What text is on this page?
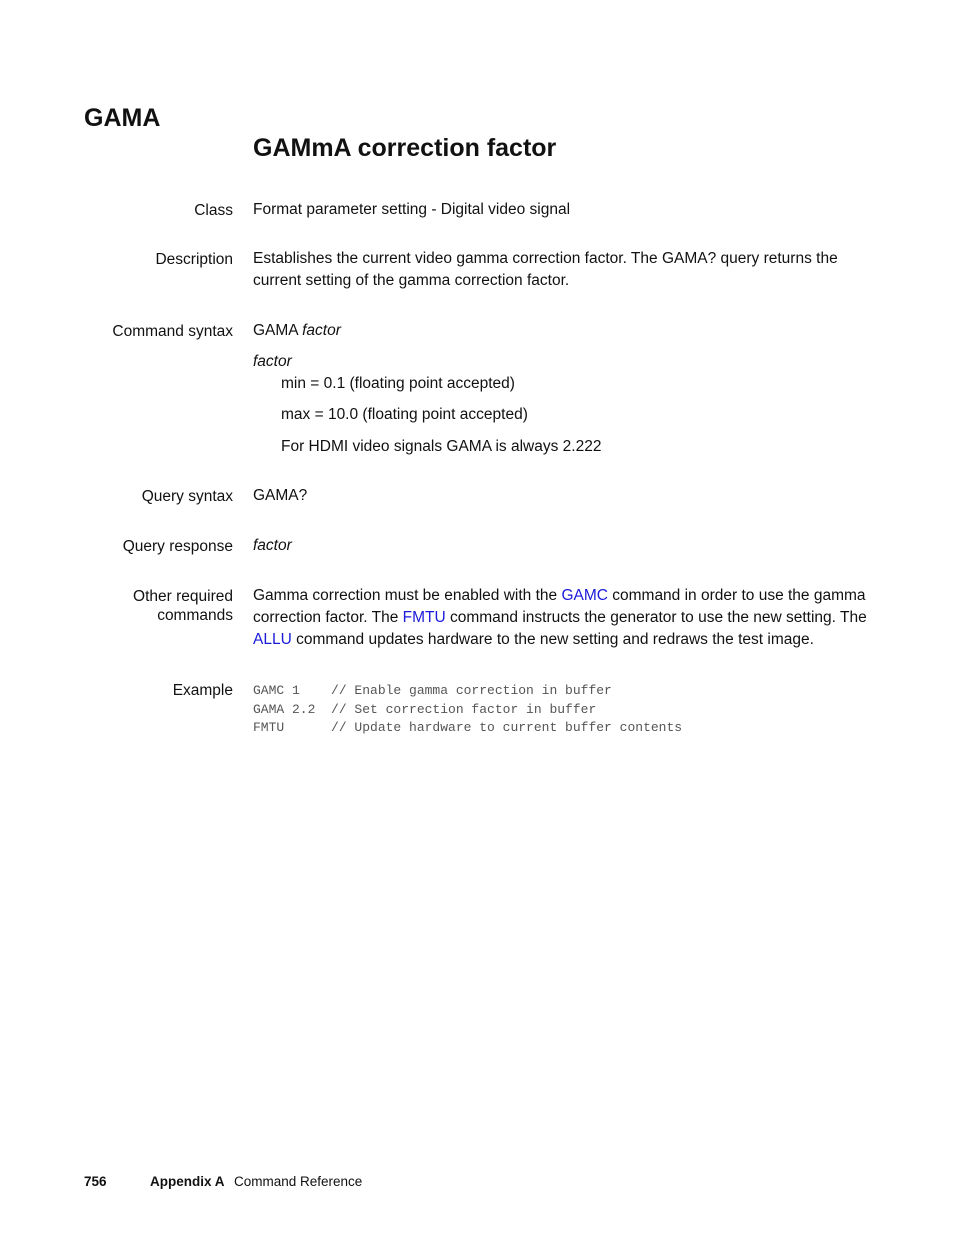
GAMA
GAMmA correction factor
Class Format parameter setting - Digital video signal
Description Establishes the current video gamma correction factor. The GAMA? query returns the
current setting of the gamma correction factor.
Command syntax GAMA factor
factor
min = 0.1 (floating point accepted)
max = 10.0 (floating point accepted)
For HDMI video signals GAMA is always 2.222
Query syntax GAMA?
Query response factor
Other required
commands
Gamma correction must be enabled with the GAMC command in order to use the gamma
correction factor. The FMTU command instructs the generator to use the new setting. The
ALLU command updates hardware to the new setting and redraws the test image.
Example GAMC 1    // Enable gamma correction in buffer
GAMA 2.2  // Set correction factor in buffer
FMTU      // Update hardware to current buffer contents
756	Appendix A Command Reference
